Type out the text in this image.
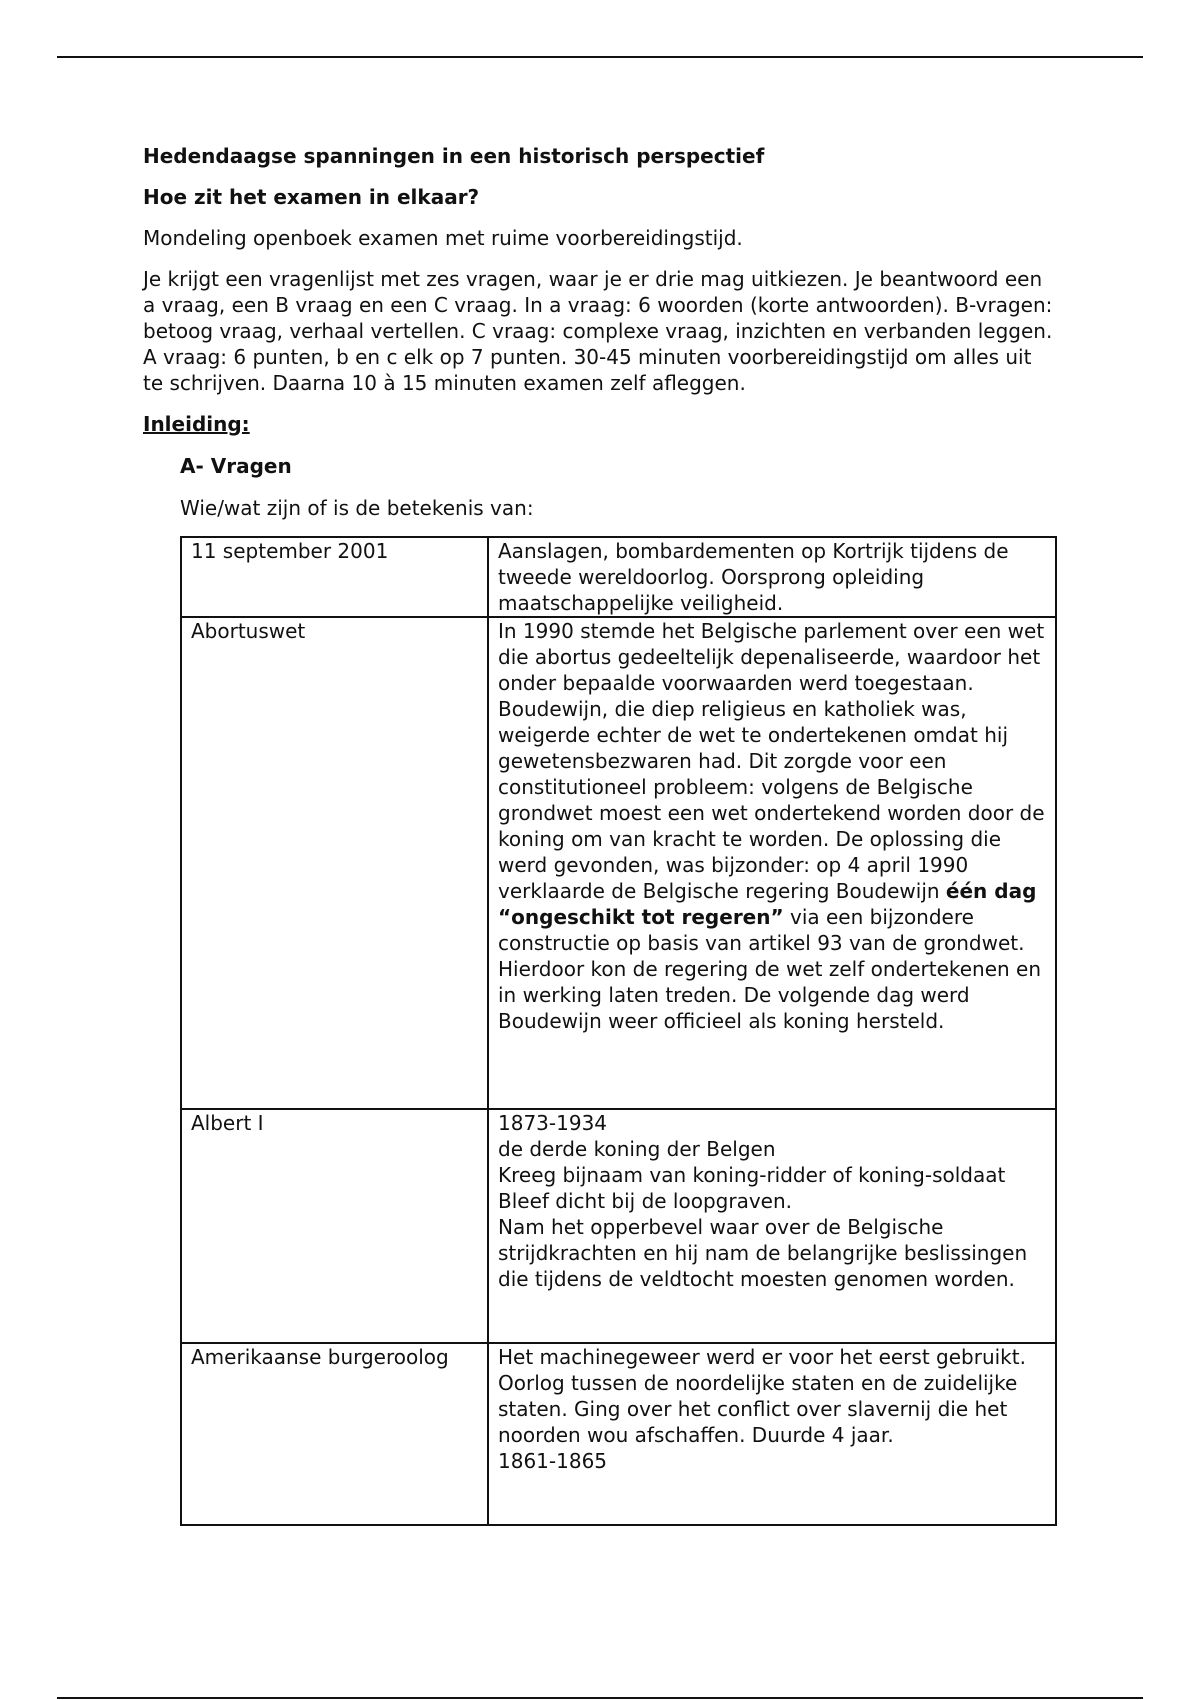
Hedendaagse spanningen in een historisch perspectief
Hoe zit het examen in elkaar?

Mondeling openboek examen met ruime voorbereidingstijd.

Je krijgt een vragenlijst met zes vragen, waar je er drie mag uitkiezen. Je beantwoord een a vraag, een B vraag en een C vraag. In a vraag: 6 woorden (korte antwoorden). B-vragen: betoog vraag, verhaal vertellen. C vraag: complexe vraag, inzichten en verbanden leggen. A vraag: 6 punten, b en c elk op 7 punten. 30-45 minuten voorbereidingstijd om alles uit te schrijven. Daarna 10 à 15 minuten examen zelf afleggen.

Inleiding:
A- Vragen

Wie/wat zijn of is de betekenis van:

11 september 2001	Aanslagen, bombardementen op Kortrijk tijdens de tweede wereldoorlog. Oorsprong opleiding maatschappelijke veiligheid.
Abortuswet	In 1990 stemde het Belgische parlement over een wet die abortus gedeeltelijk depenaliseerde, waardoor het onder bepaalde voorwaarden werd toegestaan. Boudewijn, die diep religieus en katholiek was, weigerde echter de wet te ondertekenen omdat hij gewetensbezwaren had. Dit zorgde voor een constitutioneel probleem: volgens de Belgische grondwet moest een wet ondertekend worden door de koning om van kracht te worden. De oplossing die werd gevonden, was bijzonder: op 4 april 1990 verklaarde de Belgische regering Boudewijn één dag “ongeschikt tot regeren” via een bijzondere constructie op basis van artikel 93 van de grondwet. Hierdoor kon de regering de wet zelf ondertekenen en in werking laten treden. De volgende dag werd Boudewijn weer officieel als koning hersteld.
Albert I	1873-1934
de derde koning der Belgen
Kreeg bijnaam van koning-ridder of koning-soldaat
Bleef dicht bij de loopgraven.
Nam het opperbevel waar over de Belgische strijdkrachten en hij nam de belangrijke beslissingen die tijdens de veldtocht moesten genomen worden.

Amerikaanse burgeroolog	Het machinegeweer werd er voor het eerst gebruikt.
Oorlog tussen de noordelijke staten en de zuidelijke staten. Ging over het conflict over slavernij die het noorden wou afschaffen. Duurde 4 jaar.
1861-1865
